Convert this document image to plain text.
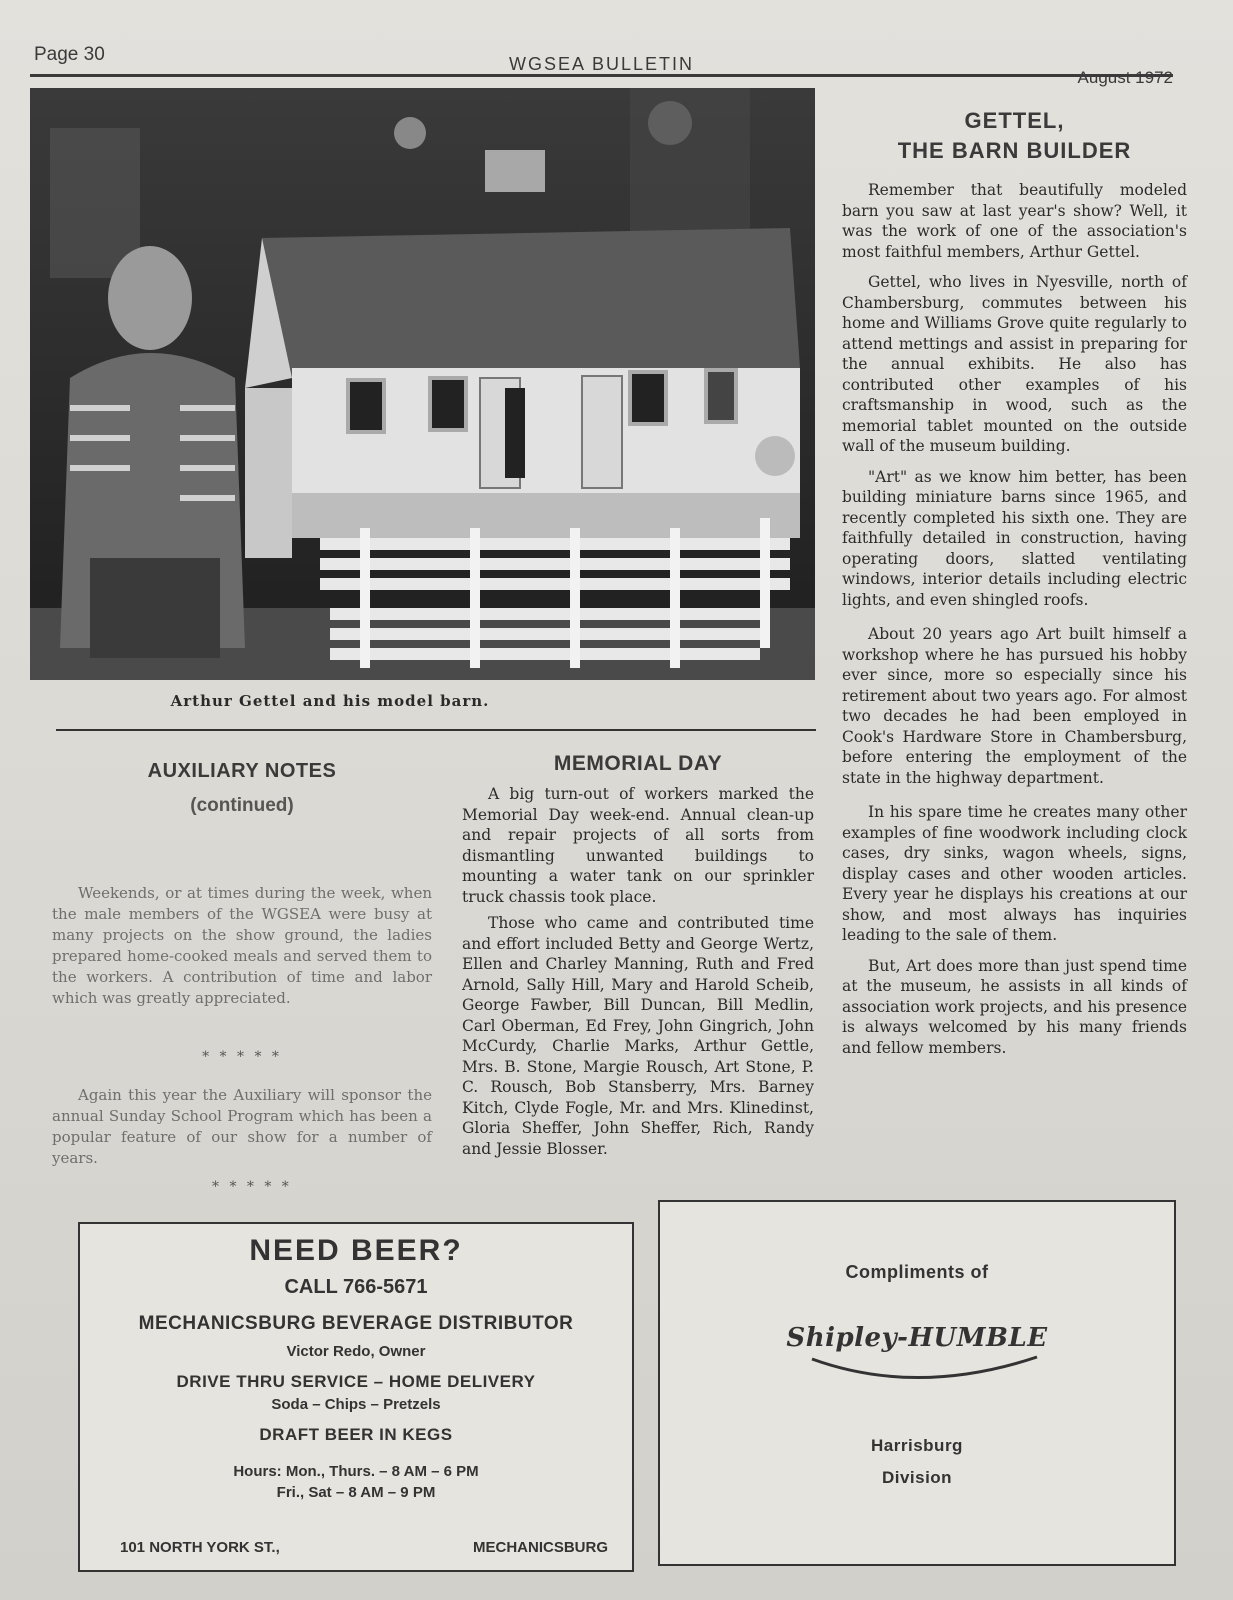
Page 30	WGSEA BULLETIN
August 1972
Arthur Gettel and his model barn.
GETTEL,
THE BARN BUILDER

Remember that beautifully modeled barn you saw at last year's show? Well, it was the work of one of the association's most faithful members, Arthur Gettel.

Gettel, who lives in Nyesville, north of Chambersburg, commutes between his home and Williams Grove quite regularly to attend mettings and assist in preparing for the annual exhibits. He also has contributed other examples of his craftsmanship in wood, such as the memorial tablet mounted on the outside wall of the museum building.

"Art" as we know him better, has been building miniature barns since 1965, and recently completed his sixth one. They are faithfully detailed in construction, having operating doors, slatted ventilating windows, interior details including electric lights, and even shingled roofs.

About 20 years ago Art built himself a workshop where he has pursued his hobby ever since, more so especially since his retirement about two years ago. For almost two decades he had been employed in Cook's Hardware Store in Chambersburg, before entering the employment of the state in the highway department.

In his spare time he creates many other examples of fine woodwork including clock cases, dry sinks, wagon wheels, signs, display cases and other wooden articles. Every year he displays his creations at our show, and most always has inquiries leading to the sale of them.

But, Art does more than just spend time at the museum, he assists in all kinds of association work projects, and his presence is always welcomed by his many friends and fellow members.

AUXILIARY NOTES
(continued)

Weekends, or at times during the week, when the male members of the WGSEA were busy at many projects on the show ground, the ladies prepared home-cooked meals and served them to the workers. A contribution of time and labor which was greatly appreciated.

* * * * *

Again this year the Auxiliary will sponsor the annual Sunday School Program which has been a popular feature of our show for a number of years.

* * * * *
MEMORIAL DAY

A big turn-out of workers marked the Memorial Day week-end. Annual clean-up and repair projects of all sorts from dismantling unwanted buildings to mounting a water tank on our sprinkler truck chassis took place.

Those who came and contributed time and effort included Betty and George Wertz, Ellen and Charley Manning, Ruth and Fred Arnold, Sally Hill, Mary and Harold Scheib, George Fawber, Bill Duncan, Bill Medlin, Carl Oberman, Ed Frey, John Gingrich, John McCurdy, Charlie Marks, Arthur Gettle, Mrs. B. Stone, Margie Rousch, Art Stone, P. C. Rousch, Bob Stansberry, Mrs. Barney Kitch, Clyde Fogle, Mr. and Mrs. Klinedinst, Gloria Sheffer, John Sheffer, Rich, Randy and Jessie Blosser.

NEED BEER?
CALL 766-5671
MECHANICSBURG BEVERAGE DISTRIBUTOR
Victor Redo, Owner
DRIVE THRU SERVICE – HOME DELIVERY
Soda – Chips – Pretzels
DRAFT BEER IN KEGS
Hours: Mon., Thurs. – 8 AM – 6 PM
Fri., Sat – 8 AM – 9 PM
101 NORTH YORK ST.,	MECHANICSBURG
Compliments of
Shipley-HUMBLE
Harrisburg
Division
